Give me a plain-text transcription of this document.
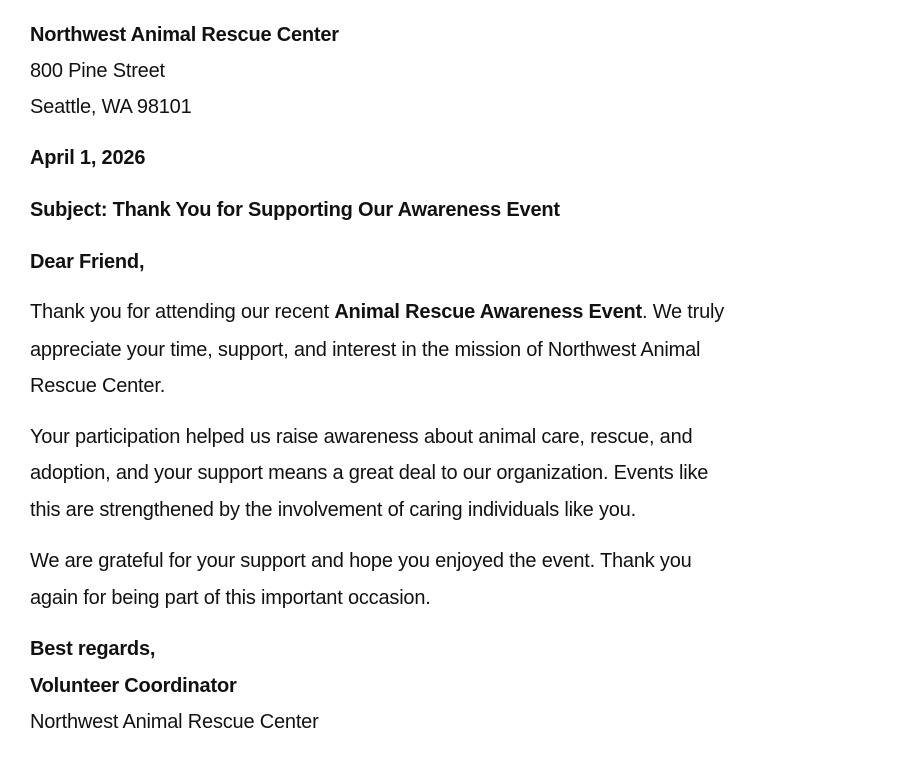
Northwest Animal Rescue Center
800 Pine Street
Seattle, WA 98101
April 1, 2026
Subject: Thank You for Supporting Our Awareness Event
Dear Friend,
Thank you for attending our recent Animal Rescue Awareness Event. We truly
appreciate your time, support, and interest in the mission of Northwest Animal
Rescue Center.
Your participation helped us raise awareness about animal care, rescue, and
adoption, and your support means a great deal to our organization. Events like
this are strengthened by the involvement of caring individuals like you.
We are grateful for your support and hope you enjoyed the event. Thank you
again for being part of this important occasion.
Best regards,
Volunteer Coordinator
Northwest Animal Rescue Center
